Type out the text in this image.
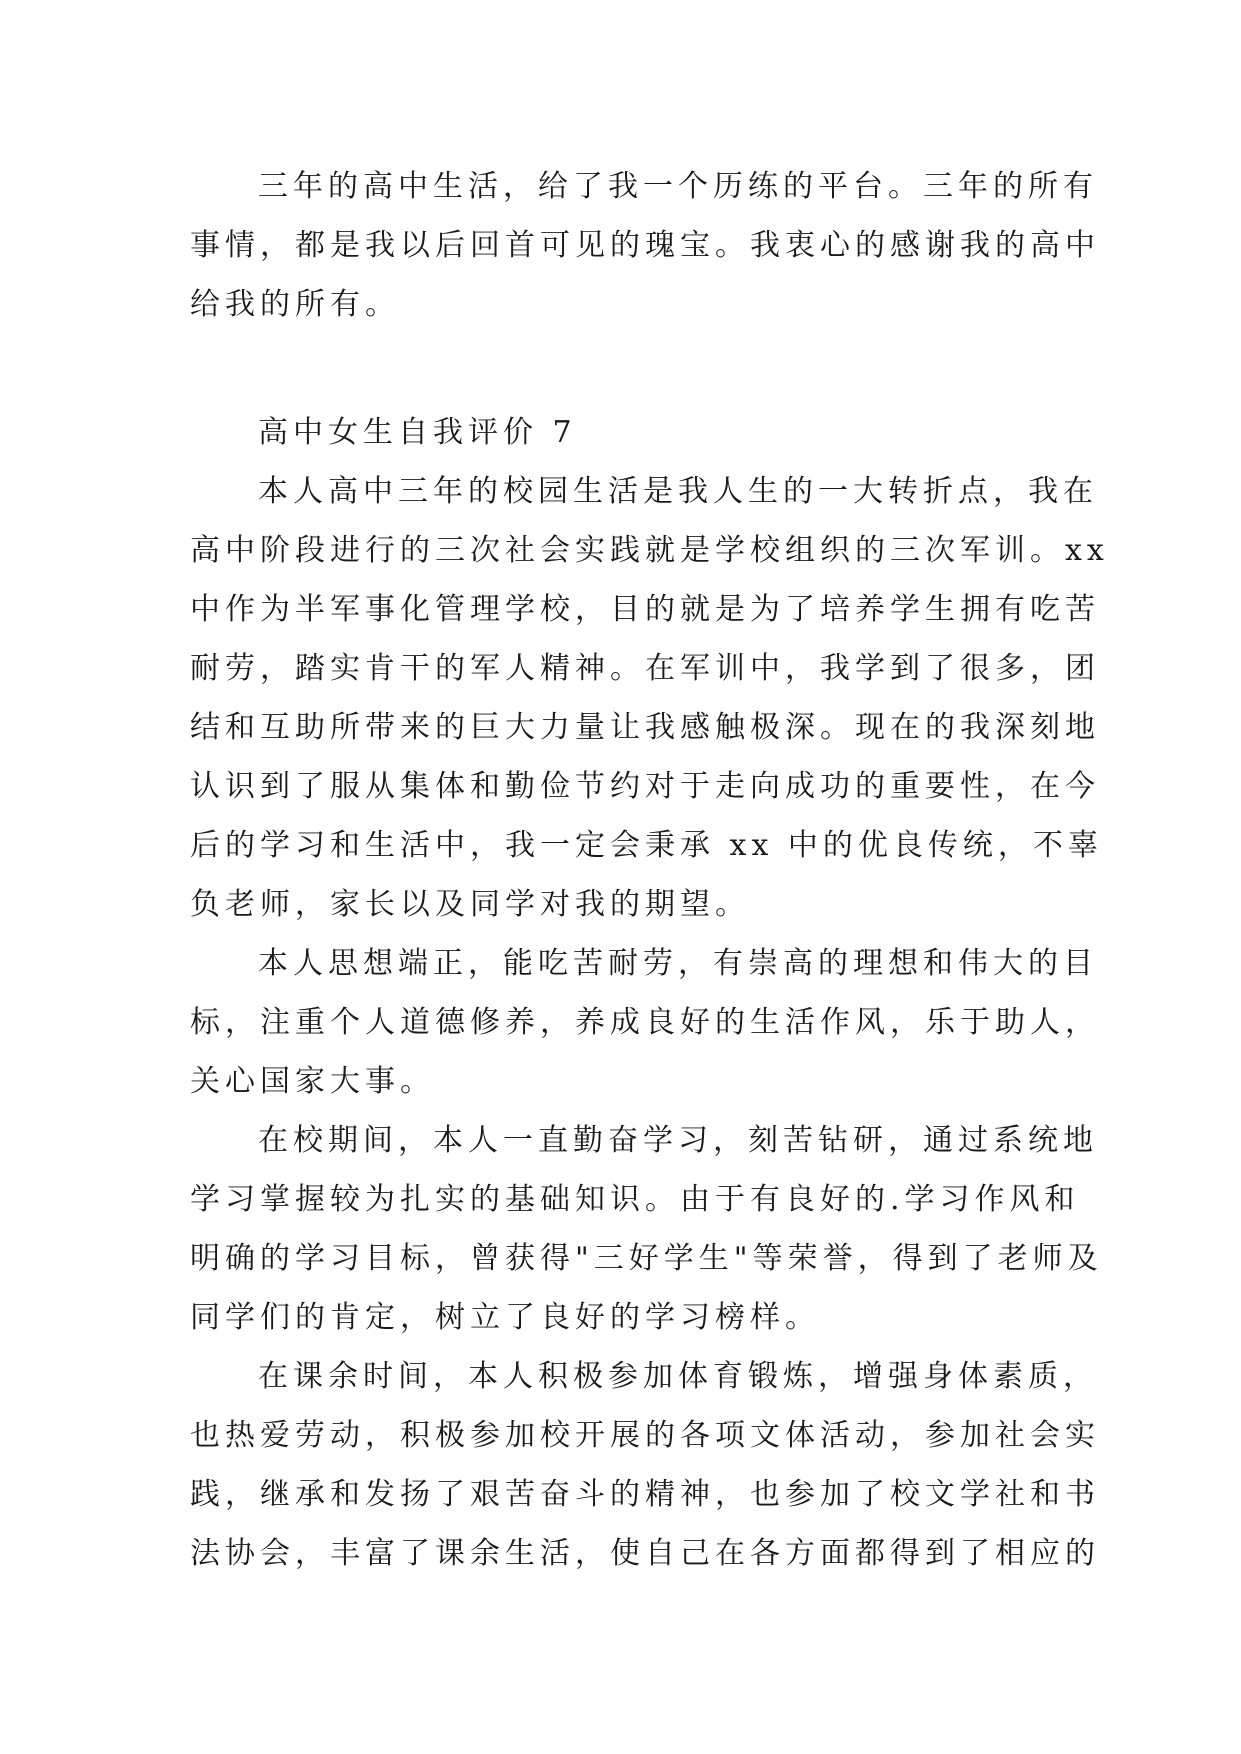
三年的高中生活，给了我一个历练的平台。三年的所有
事情，都是我以后回首可见的瑰宝。我衷心的感谢我的高中
给我的所有。
高中女生自我评价 7
本人高中三年的校园生活是我人生的一大转折点，我在
高中阶段进行的三次社会实践就是学校组织的三次军训。xx
中作为半军事化管理学校，目的就是为了培养学生拥有吃苦
耐劳，踏实肯干的军人精神。在军训中，我学到了很多，团
结和互助所带来的巨大力量让我感触极深。现在的我深刻地
认识到了服从集体和勤俭节约对于走向成功的重要性，在今
后的学习和生活中，我一定会秉承 xx 中的优良传统，不辜
负老师，家长以及同学对我的期望。
本人思想端正，能吃苦耐劳，有崇高的理想和伟大的目
标，注重个人道德修养，养成良好的生活作风，乐于助人，
关心国家大事。
在校期间，本人一直勤奋学习，刻苦钻研，通过系统地
学习掌握较为扎实的基础知识。由于有良好的.学习作风和
明确的学习目标，曾获得"三好学生"等荣誉，得到了老师及
同学们的肯定，树立了良好的学习榜样。
在课余时间，本人积极参加体育锻炼，增强身体素质，
也热爱劳动，积极参加校开展的各项文体活动，参加社会实
践，继承和发扬了艰苦奋斗的精神，也参加了校文学社和书
法协会，丰富了课余生活，使自己在各方面都得到了相应的
